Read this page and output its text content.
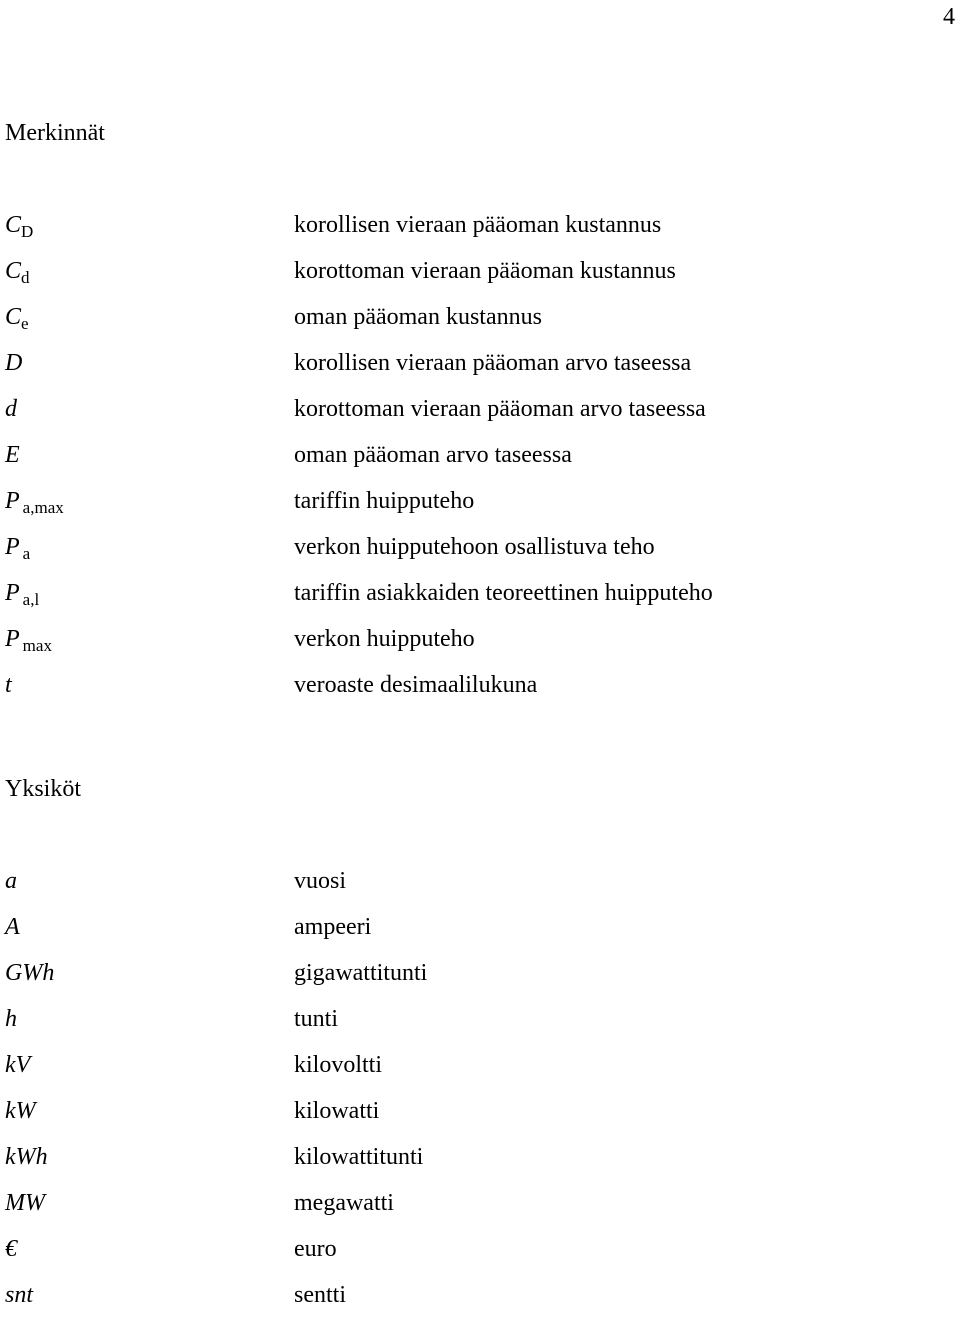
4
Merkinnät
$C_D$	korollisen vieraan pääoman kustannus
$C_d$	korottoman vieraan pääoman kustannus
$C_e$	oman pääoman kustannus
D	korollisen vieraan pääoman arvo taseessa
d	korottoman vieraan pääoman arvo taseessa
E	oman pääoman arvo taseessa
P $_{a,max}$	tariffin huipputeho
P $_a$	verkon huipputehoon osallistuva teho
P $_{a,l}$	tariffin asiakkaiden teoreettinen huipputeho
P $_{max}$	verkon huipputeho
t	veroaste desimaalilukuna
Yksiköt
a	vuosi
A	ampeeri
GWh	gigawattitunti
h	tunti
kV	kilovoltti
kW	kilowatti
kWh	kilowattitunti
MW	megawatti
€	euro
snt	sentti
